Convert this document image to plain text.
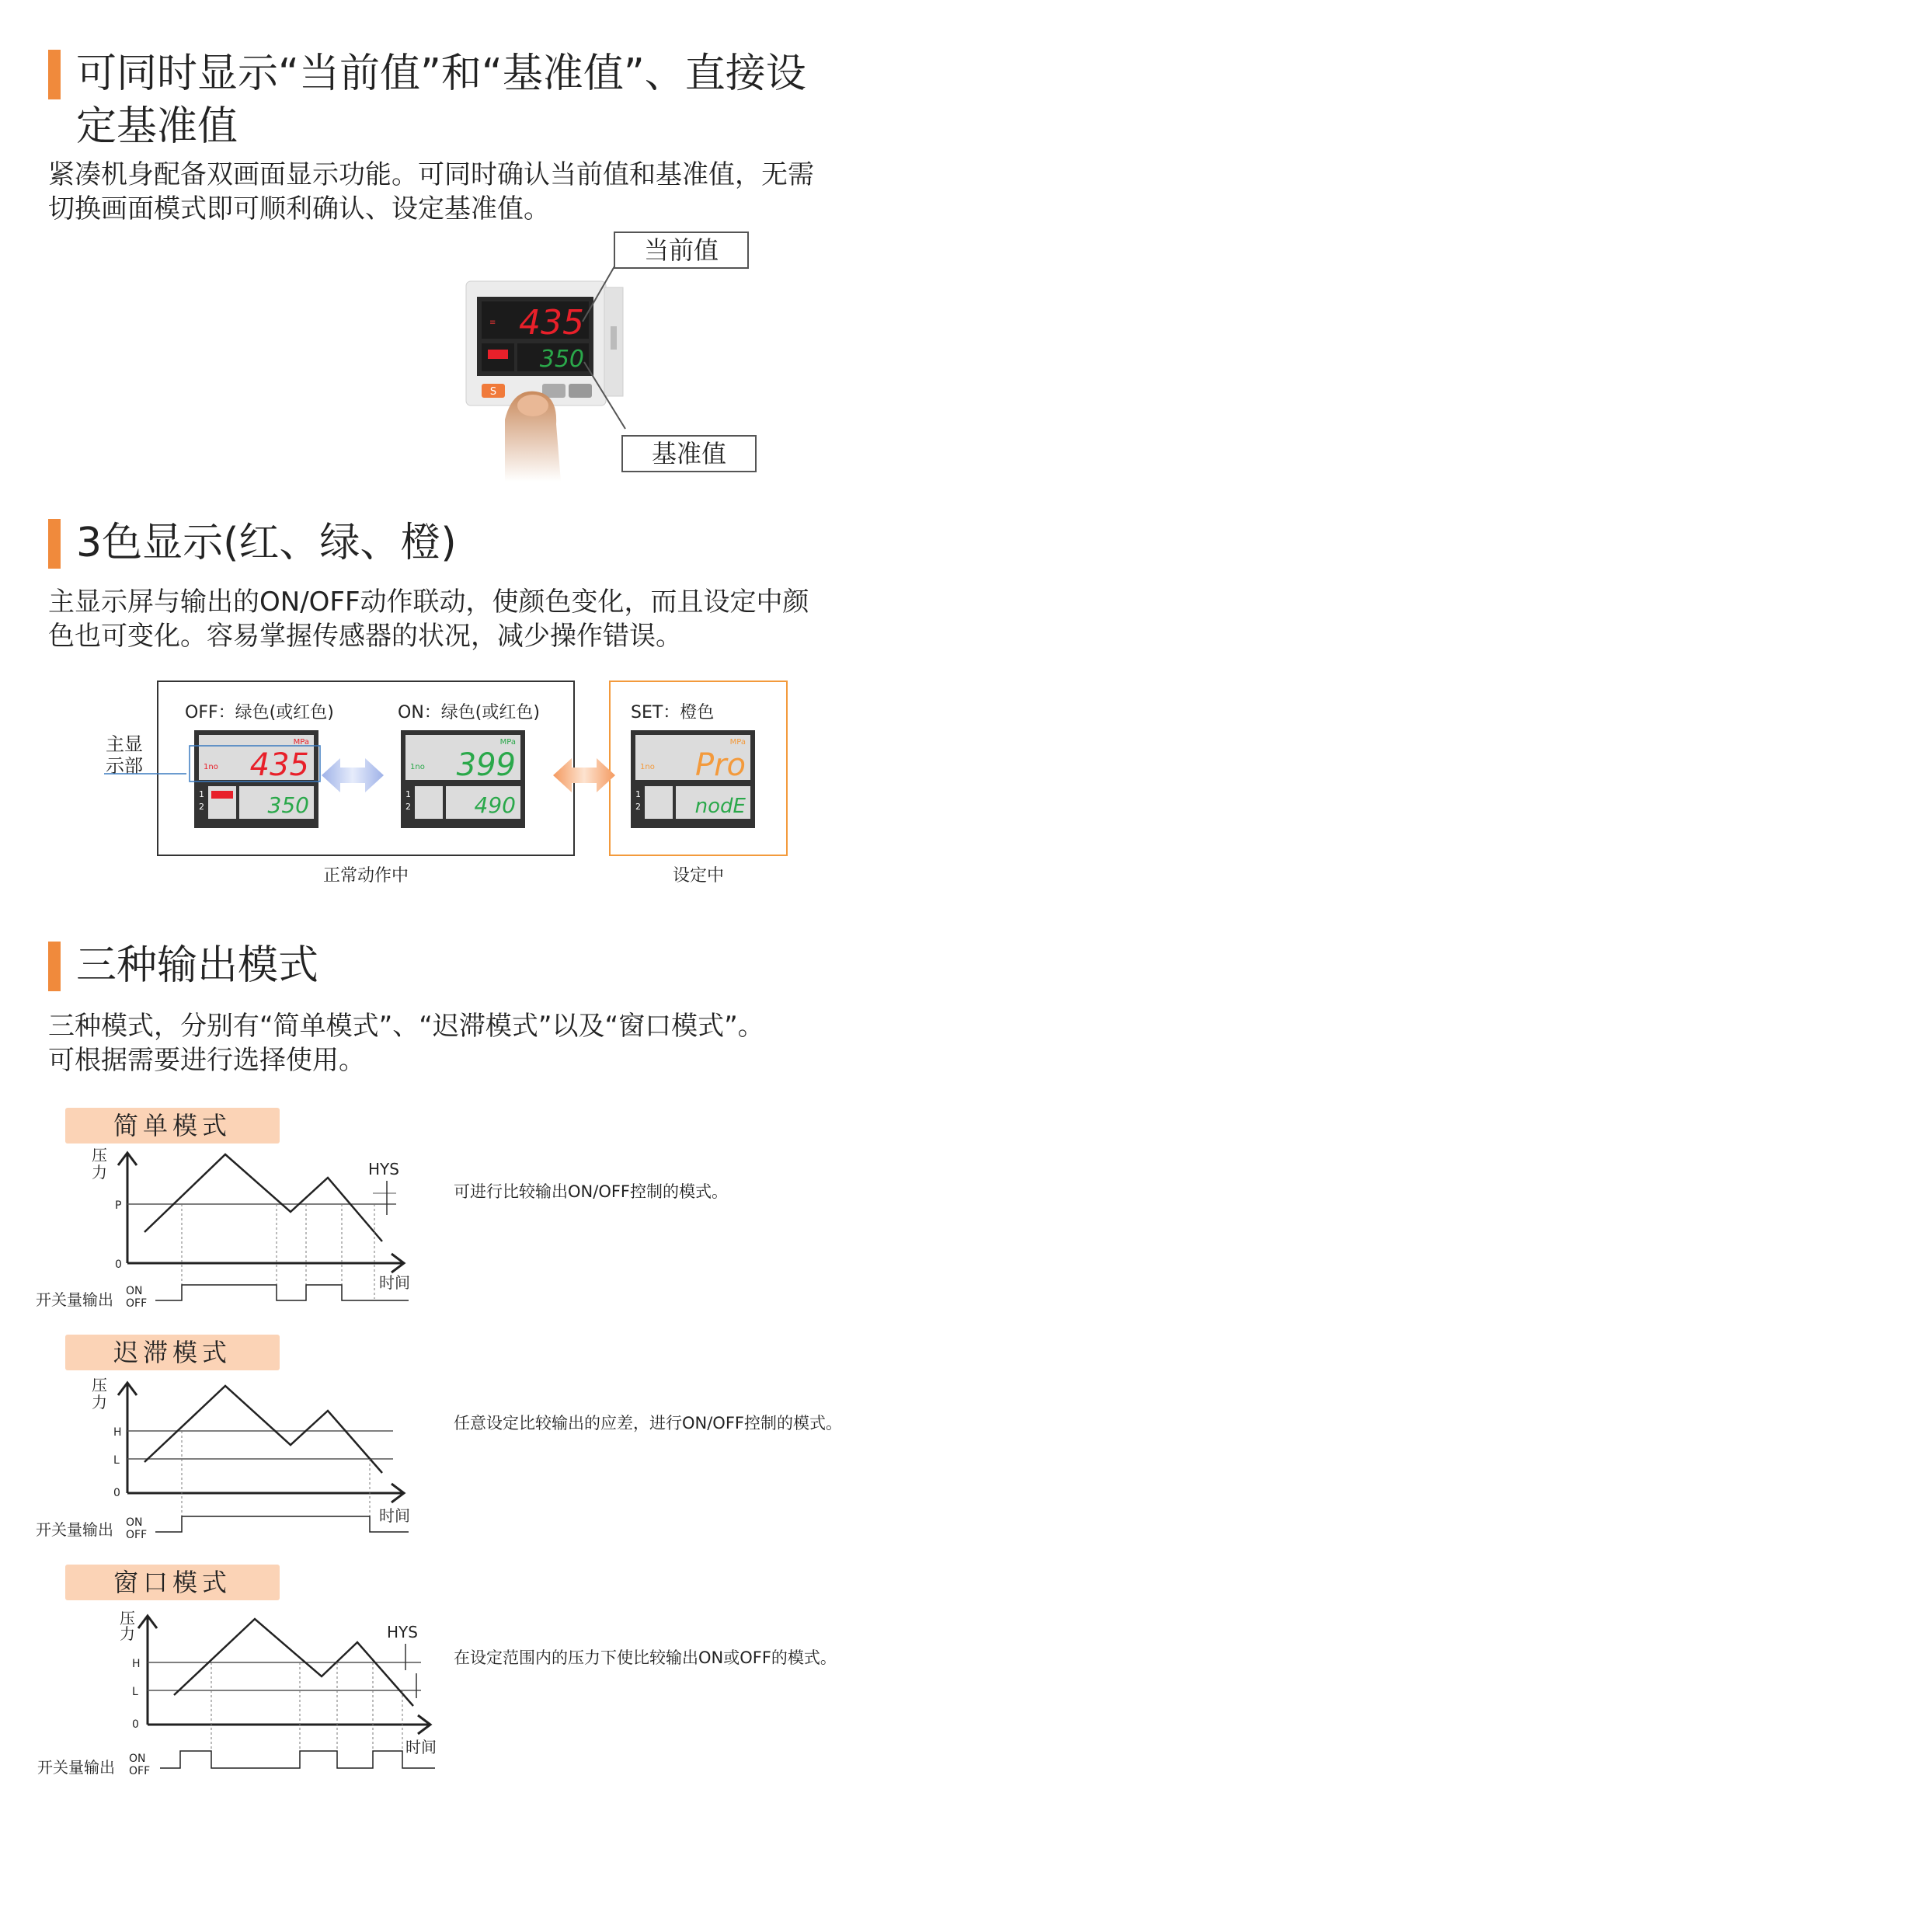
可同时显示“当前值”和“基准值”、直接设
定基准值
紧凑机身配备双画面显示功能。可同时确认当前值和基准值，无需
切换画面模式即可顺利确认、设定基准值。
≡ 435
350
S
当前值
基准值
3色显示(红、绿、橙)
主显示屏与输出的ON/OFF动作联动，使颜色变化，而且设定中颜
色也可变化。容易掌握传感器的状况，减少操作错误。
主显
示部
OFF：绿色(或红色)	ON：绿色(或红色)	SET：橙色
正常动作中	设定中
MPa
1no 435
1
2	350
MPa
1no 399
1
2	490
MPa
1no Pro
1
2	nodE
三种输出模式
三种模式，分别有“简单模式”、“迟滞模式”以及“窗口模式”。
可根据需要进行选择使用。
简单模式
可进行比较输出ON/OFF控制的模式。
压
力
压力
P
0
HYS
时间
开关量输出 ON
OFF
迟滞模式
任意设定比较输出的应差，进行ON/OFF控制的模式。
压
力
压力
H
L
0
时间
开关量输出 ON
OFF
窗口模式
在设定范围内的压力下使比较输出ON或OFF的模式。
压
力
压力
H
L
0
HYS
时间
开关量输出 ON
OFF
